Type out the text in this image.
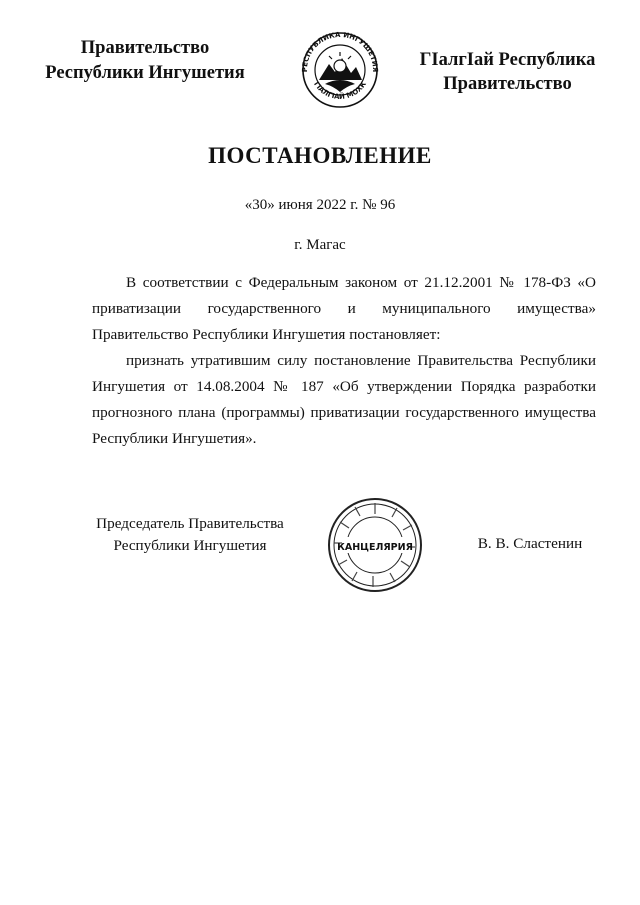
Правительство
Республики Ингушетия	РЕСПУБЛИКА ИНГУШЕТИЯ
ГIАЛГIАЙ МОХК
ГIалгIай Республика
Правительство
ПОСТАНОВЛЕНИЕ
«30» июня 2022 г. № 96
г. Магас

В соответствии с Федеральным законом от 21.12.2001 № 178-ФЗ «О приватизации государственного и муниципального имущества» Правительство Республики Ингушетия постановляет:

признать утратившим силу постановление Правительства Республики Ингушетия от 14.08.2004 № 187 «Об утверждении Порядка разработки прогнозного плана (программы) приватизации государственного имущества Республики Ингушетия».

Председатель Правительства
Республики Ингушетия	КАНЦЕЛЯРИЯ	В. В. Сластенин
